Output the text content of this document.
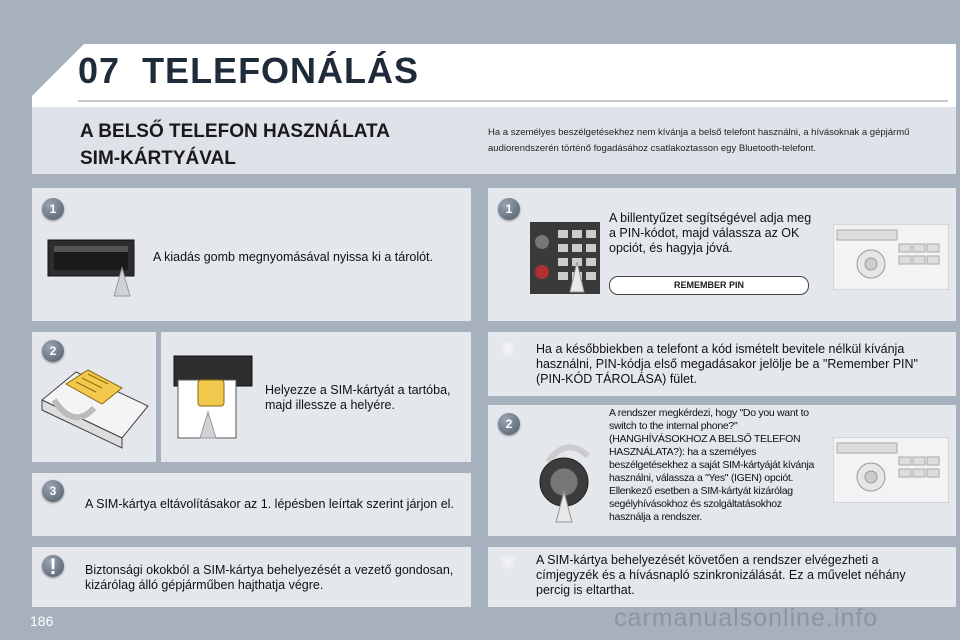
07 TELEFONÁLÁS
A BELSŐ TELEFON HASZNÁLATA
SIM-KÁRTYÁVAL
Ha a személyes beszélgetésekhez nem kívánja a belső telefont használni, a hívásoknak a gépjármű audiorendszerén történő fogadásához csatlakoztasson egy Bluetooth-telefont.
1
A kiadás gomb megnyomásával nyissa ki a tárolót.
2
Helyezze a SIM-kártyát a tartóba, majd illessze a helyére.
3
A SIM-kártya eltávolításakor az 1. lépésben leírtak szerint járjon el.
!	Biztonsági okokból a SIM-kártya behelyezését a vezető gondosan, kizárólag álló gépjárműben hajthatja végre.
1
A billentyűzet segítségével adja meg a PIN-kódot, majd válassza az OK opciót, és hagyja jóvá.
REMEMBER PIN
✺ Ha a későbbiekben a telefont a kód ismételt bevitele nélkül kívánja használni, PIN-kódja első megadásakor jelölje be a "Remember PIN" (PIN-KÓD TÁROLÁSA) fület.
2
A rendszer megkérdezi, hogy "Do you want to switch to the internal phone?" (HANGHÍVÁSOKHOZ A BELSŐ TELEFON HASZNÁLATA?): ha a személyes beszélgetésekhez a saját SIM-kártyáját kívánja használni, válassza a "Yes" (IGEN) opciót. Ellenkező esetben a SIM-kártyát kizárólag segélyhívásokhoz és szolgáltatásokhoz használja a rendszer.
✺ A SIM-kártya behelyezését követően a rendszer elvégezheti a címjegyzék és a hívásnapló szinkronizálását. Ez a művelet néhány percig is eltarthat.
186	carmanualsonline.info
